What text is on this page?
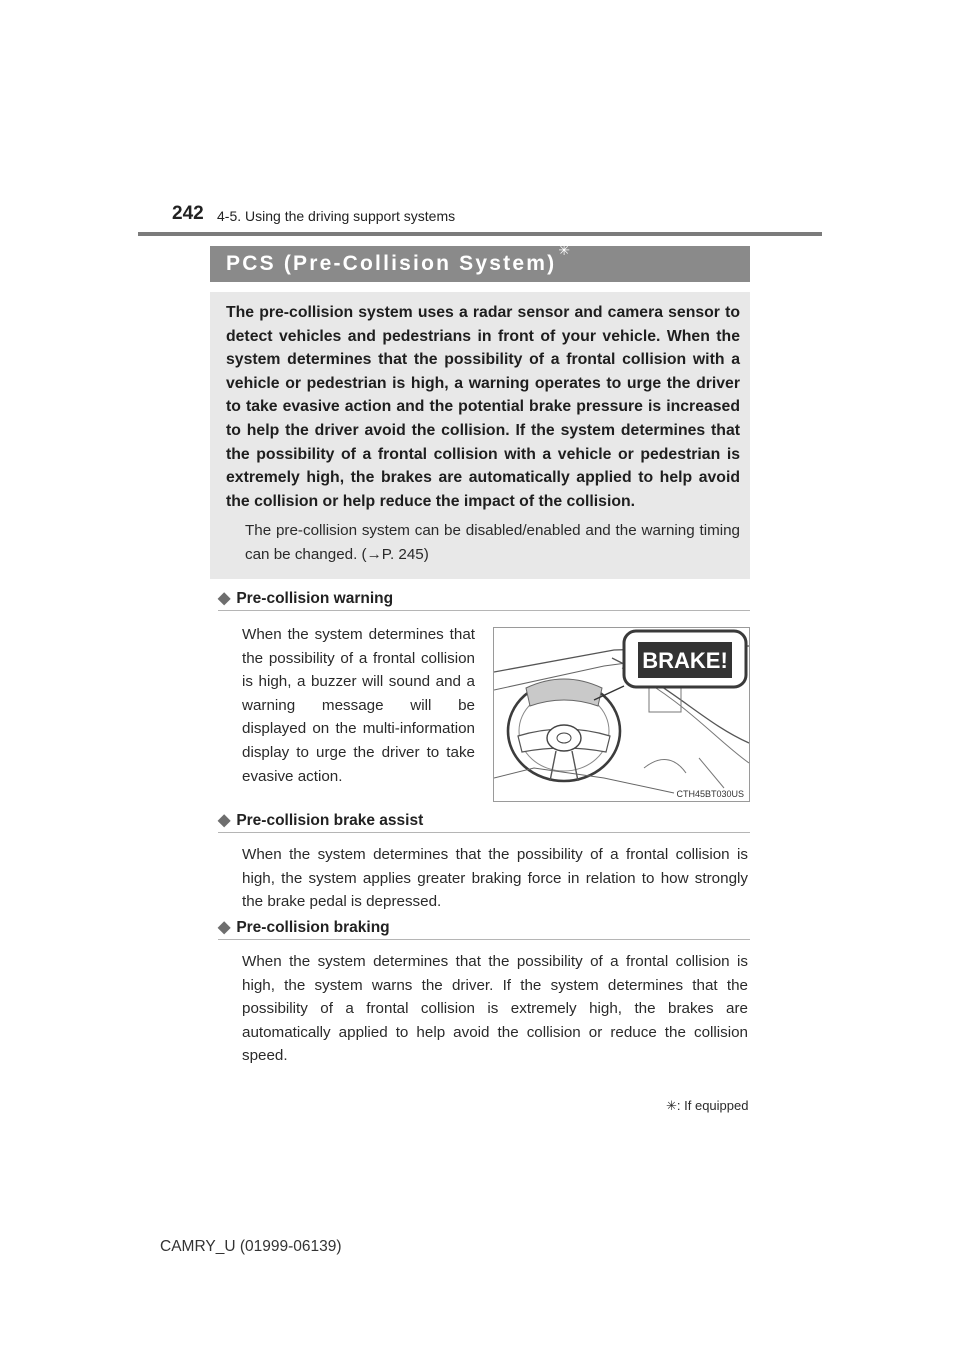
242 4-5. Using the driving support systems
PCS (Pre-Collision System)✳

The pre-collision system uses a radar sensor and camera sensor to detect vehicles and pedestrians in front of your vehicle. When the system determines that the possibility of a frontal collision with a vehicle or pedestrian is high, a warning operates to urge the driver to take evasive action and the potential brake pressure is increased to help the driver avoid the collision. If the system determines that the possibility of a frontal collision with a vehicle or pedestrian is extremely high, the brakes are automatically applied to help avoid the collision or help reduce the impact of the collision.

The pre-collision system can be disabled/enabled and the warning timing can be changed. (→P. 245)

◆ Pre-collision warning

When the system determines that the possibility of a frontal collision is high, a buzzer will sound and a warning message will be displayed on the multi-information display to urge the driver to take evasive action.

BRAKE!
CTH45BT030US
◆ Pre-collision brake assist

When the system determines that the possibility of a frontal collision is high, the system applies greater braking force in relation to how strongly the brake pedal is depressed.

◆ Pre-collision braking

When the system determines that the possibility of a frontal collision is high, the system warns the driver. If the system determines that the possibility of a frontal collision is extremely high, the brakes are automatically applied to help avoid the collision or reduce the collision speed.

✳: If equipped
CAMRY_U (01999-06139)
